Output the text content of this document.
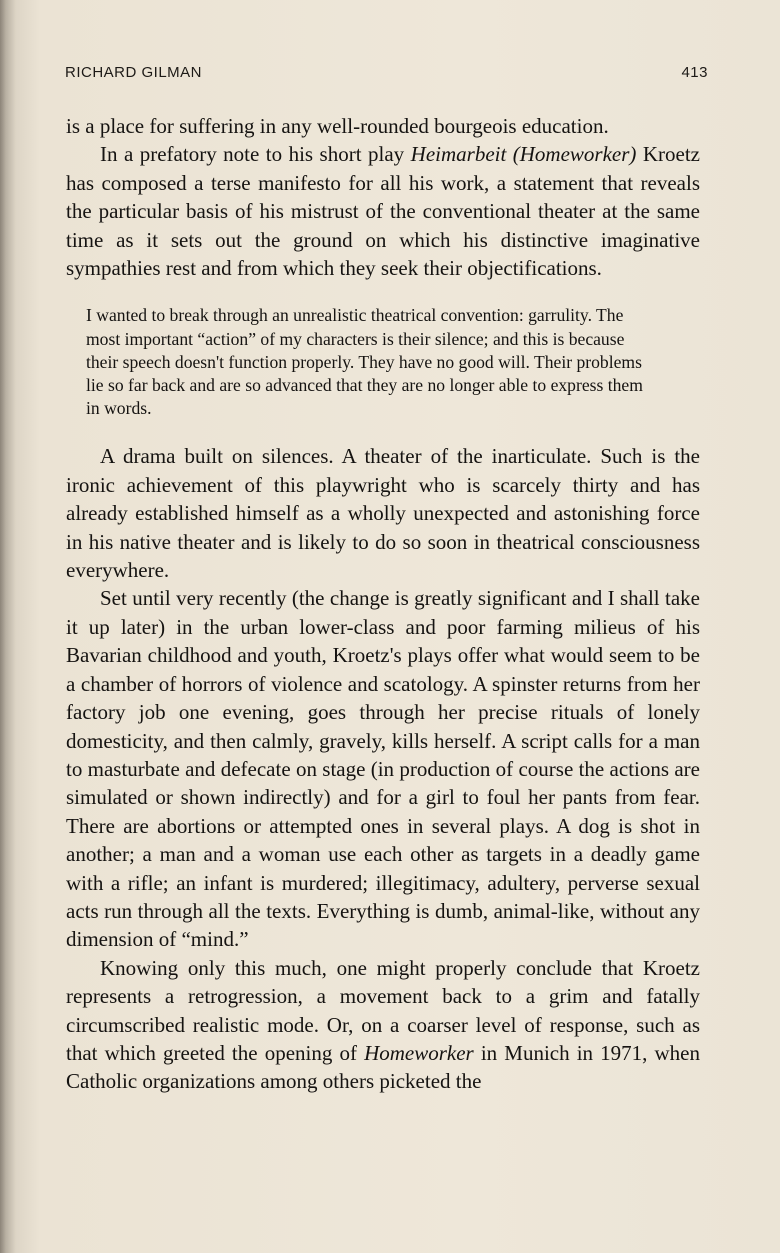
RICHARD GILMAN	413

is a place for suffering in any well-rounded bourgeois education.

In a prefatory note to his short play Heimarbeit (Homeworker) Kroetz has composed a terse manifesto for all his work, a statement that reveals the particular basis of his mistrust of the conventional theater at the same time as it sets out the ground on which his distinctive imaginative sympathies rest and from which they seek their objectifications.

I wanted to break through an unrealistic theatrical convention: garrulity. The most important “action” of my characters is their silence; and this is because their speech doesn't function properly. They have no good will. Their problems lie so far back and are so advanced that they are no longer able to express them in words.

A drama built on silences. A theater of the inarticulate. Such is the ironic achievement of this playwright who is scarcely thirty and has already established himself as a wholly unexpected and astonishing force in his native theater and is likely to do so soon in theatrical consciousness everywhere.

Set until very recently (the change is greatly significant and I shall take it up later) in the urban lower-class and poor farming milieus of his Bavarian childhood and youth, Kroetz's plays offer what would seem to be a chamber of horrors of violence and scatology. A spinster returns from her factory job one evening, goes through her precise rituals of lonely domesticity, and then calmly, gravely, kills herself. A script calls for a man to masturbate and defecate on stage (in production of course the actions are simulated or shown indirectly) and for a girl to foul her pants from fear. There are abortions or attempted ones in several plays. A dog is shot in another; a man and a woman use each other as targets in a deadly game with a rifle; an infant is murdered; illegitimacy, adultery, perverse sexual acts run through all the texts. Everything is dumb, animal-like, without any dimension of “mind.”

Knowing only this much, one might properly conclude that Kroetz represents a retrogression, a movement back to a grim and fatally circumscribed realistic mode. Or, on a coarser level of response, such as that which greeted the opening of Homeworker in Munich in 1971, when Catholic organizations among others picketed the
